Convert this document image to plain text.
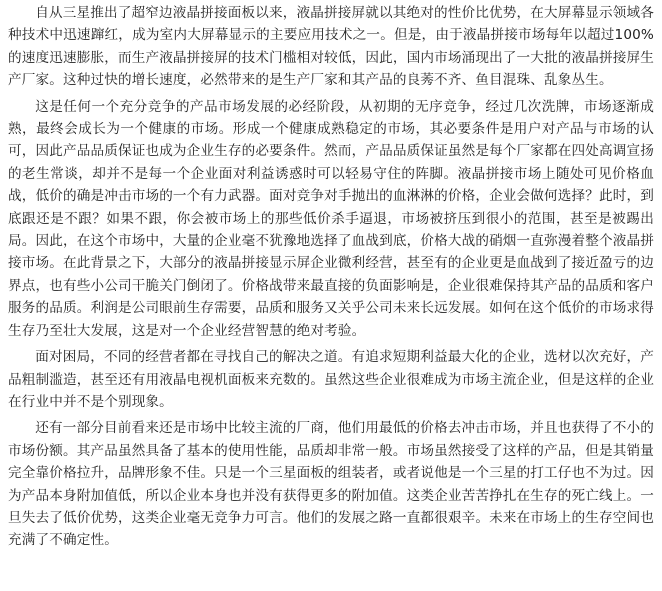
自从三星推出了超窄边液晶拼接面板以来，液晶拼接屏就以其绝对的性价比优势，在大屏幕显示领域各种技术中迅速蹿红，成为室内大屏幕显示的主要应用技术之一。但是，由于液晶拼接市场每年以超过100%的速度迅速膨胀，而生产液晶拼接屏的技术门槛相对较低，因此，国内市场涌现出了一大批的液晶拼接屏生产厂家。这种过快的增长速度，必然带来的是生产厂家和其产品的良莠不齐、鱼目混珠、乱象丛生。

这是任何一个充分竞争的产品市场发展的必经阶段，从初期的无序竞争，经过几次洗牌，市场逐渐成熟，最终会成长为一个健康的市场。形成一个健康成熟稳定的市场，其必要条件是用户对产品与市场的认可，因此产品品质保证也成为企业生存的必要条件。然而，产品品质保证虽然是每个厂家都在四处高调宣扬的老生常谈，却并不是每一个企业面对利益诱惑时可以轻易守住的阵脚。液晶拼接市场上随处可见价格血战，低价的确是冲击市场的一个有力武器。面对竞争对手抛出的血淋淋的价格，企业会做何选择？此时，到底跟还是不跟？如果不跟，你会被市场上的那些低价杀手逼退，市场被挤压到很小的范围，甚至是被踢出局。因此，在这个市场中，大量的企业毫不犹豫地选择了血战到底，价格大战的硝烟一直弥漫着整个液晶拼接市场。在此背景之下，大部分的液晶拼接显示屏企业微利经营，甚至有的企业更是血战到了接近盈亏的边界点，也有些小公司干脆关门倒闭了。价格战带来最直接的负面影响是，企业很难保持其产品的品质和客户服务的品质。利润是公司眼前生存需要，品质和服务又关乎公司未来长远发展。如何在这个低价的市场求得生存乃至壮大发展，这是对一个企业经营智慧的绝对考验。

面对困局，不同的经营者都在寻找自己的解决之道。有追求短期利益最大化的企业，选材以次充好，产品粗制滥造，甚至还有用液晶电视机面板来充数的。虽然这些企业很难成为市场主流企业，但是这样的企业在行业中并不是个别现象。

还有一部分目前看来还是市场中比较主流的厂商，他们用最低的价格去冲击市场，并且也获得了不小的市场份额。其产品虽然具备了基本的使用性能，品质却非常一般。市场虽然接受了这样的产品，但是其销量完全靠价格拉升，品牌形象不佳。只是一个三星面板的组装者，或者说他是一个三星的打工仔也不为过。因为产品本身附加值低，所以企业本身也并没有获得更多的附加值。这类企业苦苦挣扎在生存的死亡线上。一旦失去了低价优势，这类企业毫无竞争力可言。他们的发展之路一直都很艰辛。未来在市场上的生存空间也充满了不确定性。
